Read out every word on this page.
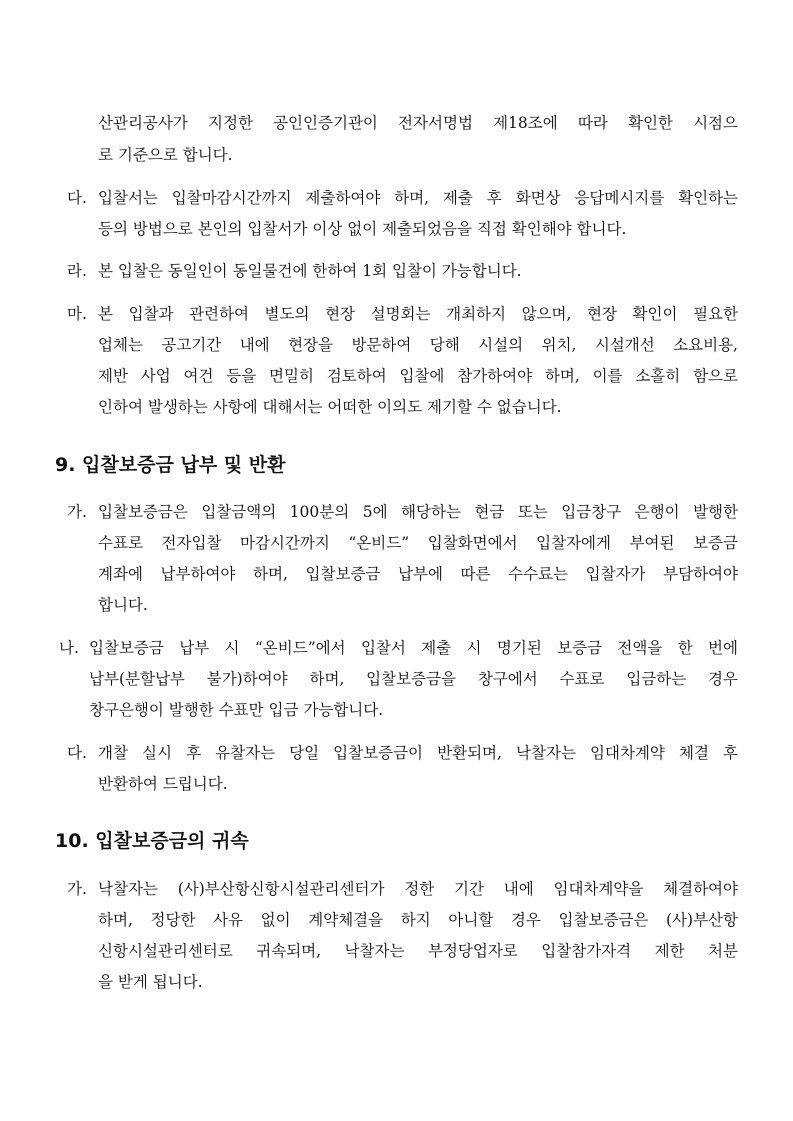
산관리공사가 지정한 공인인증기관이 전자서명법 제18조에 따라 확인한 시점으
로 기준으로 합니다.
다. 입찰서는 입찰마감시간까지 제출하여야 하며, 제출 후 화면상 응답메시지를 확인하는
등의 방법으로 본인의 입찰서가 이상 없이 제출되었음을 직접 확인해야 합니다.
라. 본 입찰은 동일인이 동일물건에 한하여 1회 입찰이 가능합니다.
마. 본 입찰과 관련하여 별도의 현장 설명회는 개최하지 않으며, 현장 확인이 필요한
업체는 공고기간 내에 현장을 방문하여 당해 시설의 위치, 시설개선 소요비용,
제반 사업 여건 등을 면밀히 검토하여 입찰에 참가하여야 하며, 이를 소홀히 함으로
인하여 발생하는 사항에 대해서는 어떠한 이의도 제기할 수 없습니다.
9. 입찰보증금 납부 및 반환
가. 입찰보증금은 입찰금액의 100분의 5에 해당하는 현금 또는 입금창구 은행이 발행한
수표로 전자입찰 마감시간까지 “온비드” 입찰화면에서 입찰자에게 부여된 보증금
계좌에 납부하여야 하며, 입찰보증금 납부에 따른 수수료는 입찰자가 부담하여야
합니다.
나. 입찰보증금 납부 시 “온비드”에서 입찰서 제출 시 명기된 보증금 전액을 한 번에
납부(분할납부 불가)하여야 하며, 입찰보증금을 창구에서 수표로 입금하는 경우
창구은행이 발행한 수표만 입금 가능합니다.
다. 개찰 실시 후 유찰자는 당일 입찰보증금이 반환되며, 낙찰자는 임대차계약 체결 후
반환하여 드립니다.
10. 입찰보증금의 귀속
가. 낙찰자는 (사)부산항신항시설관리센터가 정한 기간 내에 임대차계약을 체결하여야
하며, 정당한 사유 없이 계약체결을 하지 아니할 경우 입찰보증금은 (사)부산항
신항시설관리센터로 귀속되며, 낙찰자는 부정당업자로 입찰참가자격 제한 처분
을 받게 됩니다.
